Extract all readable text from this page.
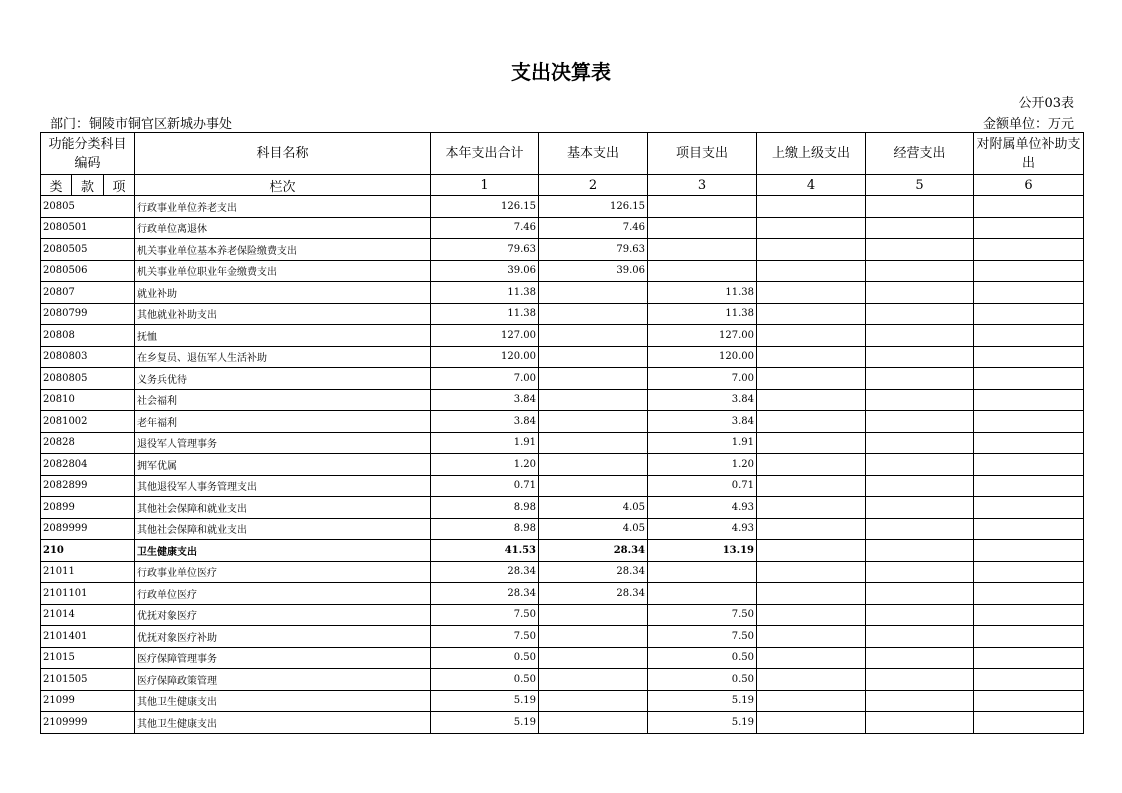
支出决算表
公开03表
部门：铜陵市铜官区新城办事处	金额单位：万元
功能分类科目编码			科目名称	本年支出合计	基本支出	项目支出	上缴上级支出	经营支出	对附属单位补助支出
类	款	项	栏次	1	2	3	4	5	6
20805			行政事业单位养老支出	126.15	126.15				
2080501			行政单位离退休	7.46	7.46				
2080505			机关事业单位基本养老保险缴费支出	79.63	79.63				
2080506			机关事业单位职业年金缴费支出	39.06	39.06				
20807			就业补助	11.38		11.38			
2080799			其他就业补助支出	11.38		11.38			
20808			抚恤	127.00		127.00			
2080803			在乡复员、退伍军人生活补助	120.00		120.00			
2080805			义务兵优待	7.00		7.00			
20810			社会福利	3.84		3.84			
2081002			老年福利	3.84		3.84			
20828			退役军人管理事务	1.91		1.91			
2082804			拥军优属	1.20		1.20			
2082899			其他退役军人事务管理支出	0.71		0.71			
20899			其他社会保障和就业支出	8.98	4.05	4.93			
2089999			其他社会保障和就业支出	8.98	4.05	4.93			
210			卫生健康支出	41.53	28.34	13.19			
21011			行政事业单位医疗	28.34	28.34				
2101101			行政单位医疗	28.34	28.34				
21014			优抚对象医疗	7.50		7.50			
2101401			优抚对象医疗补助	7.50		7.50			
21015			医疗保障管理事务	0.50		0.50			
2101505			医疗保障政策管理	0.50		0.50			
21099			其他卫生健康支出	5.19		5.19			
2109999			其他卫生健康支出	5.19		5.19			
